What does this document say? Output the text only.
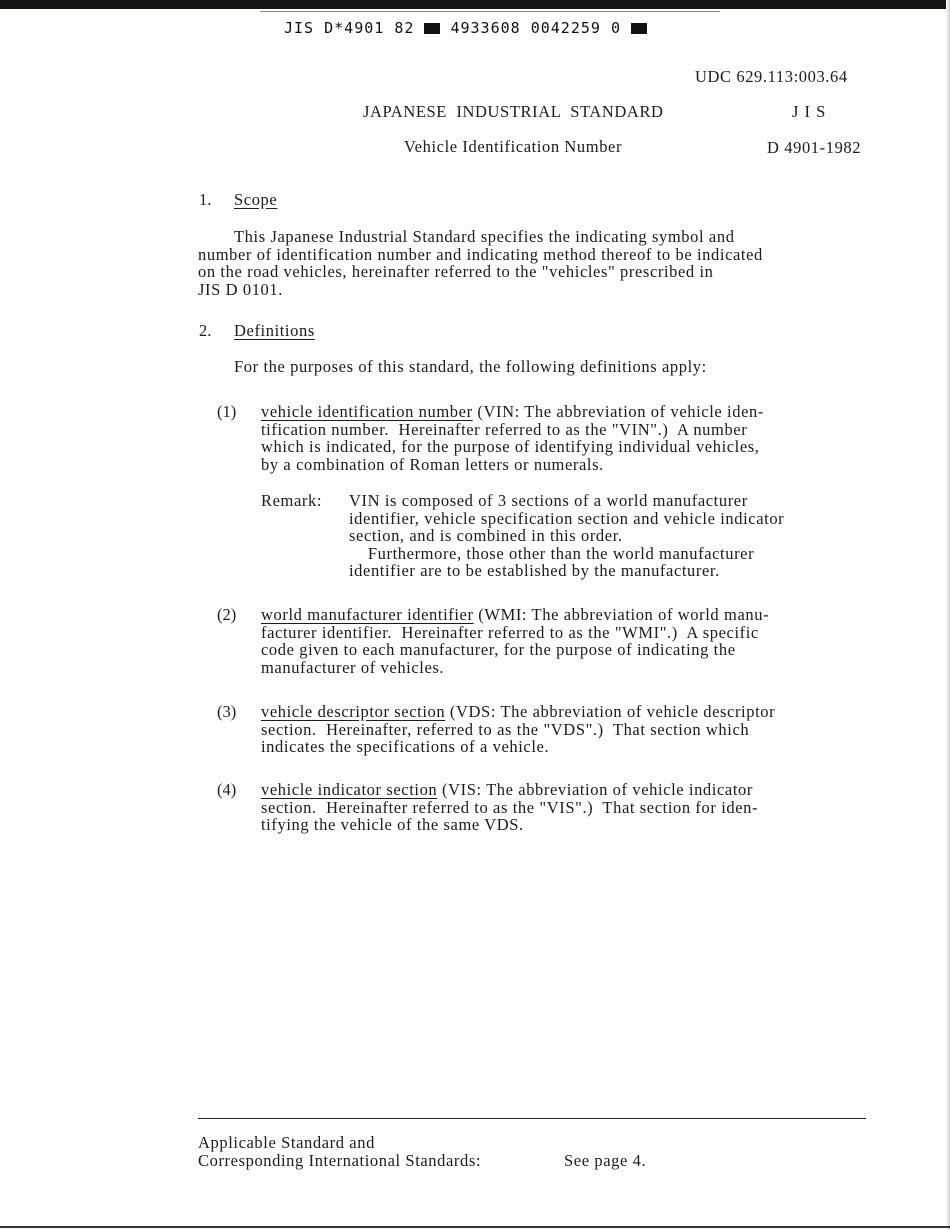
JIS D*4901 82 4933608 0042259 0
UDC 629.113:003.64
JAPANESE  INDUSTRIAL  STANDARD	J I S
Vehicle Identification Number	D 4901-1982
1. Scope
This Japanese Industrial Standard specifies the indicating symbol and
number of identification number and indicating method thereof to be indicated
on the road vehicles, hereinafter referred to the "vehicles" prescribed in
JIS D 0101.
2. Definitions
For the purposes of this standard, the following definitions apply:
(1) vehicle identification number (VIN: The abbreviation of vehicle iden-
tification number.  Hereinafter referred to as the "VIN".)  A number
which is indicated, for the purpose of identifying individual vehicles,
by a combination of Roman letters or numerals.
Remark: VIN is composed of 3 sections of a world manufacturer
identifier, vehicle specification section and vehicle indicator
section, and is combined in this order.
Furthermore, those other than the world manufacturer
identifier are to be established by the manufacturer.
(2) world manufacturer identifier (WMI: The abbreviation of world manu-
facturer identifier.  Hereinafter referred to as the "WMI".)  A specific
code given to each manufacturer, for the purpose of indicating the
manufacturer of vehicles.
(3) vehicle descriptor section (VDS: The abbreviation of vehicle descriptor
section.  Hereinafter, referred to as the "VDS".)  That section which
indicates the specifications of a vehicle.
(4) vehicle indicator section (VIS: The abbreviation of vehicle indicator
section.  Hereinafter referred to as the "VIS".)  That section for iden-
tifying the vehicle of the same VDS.
Applicable Standard and
Corresponding International Standards:	See page 4.
